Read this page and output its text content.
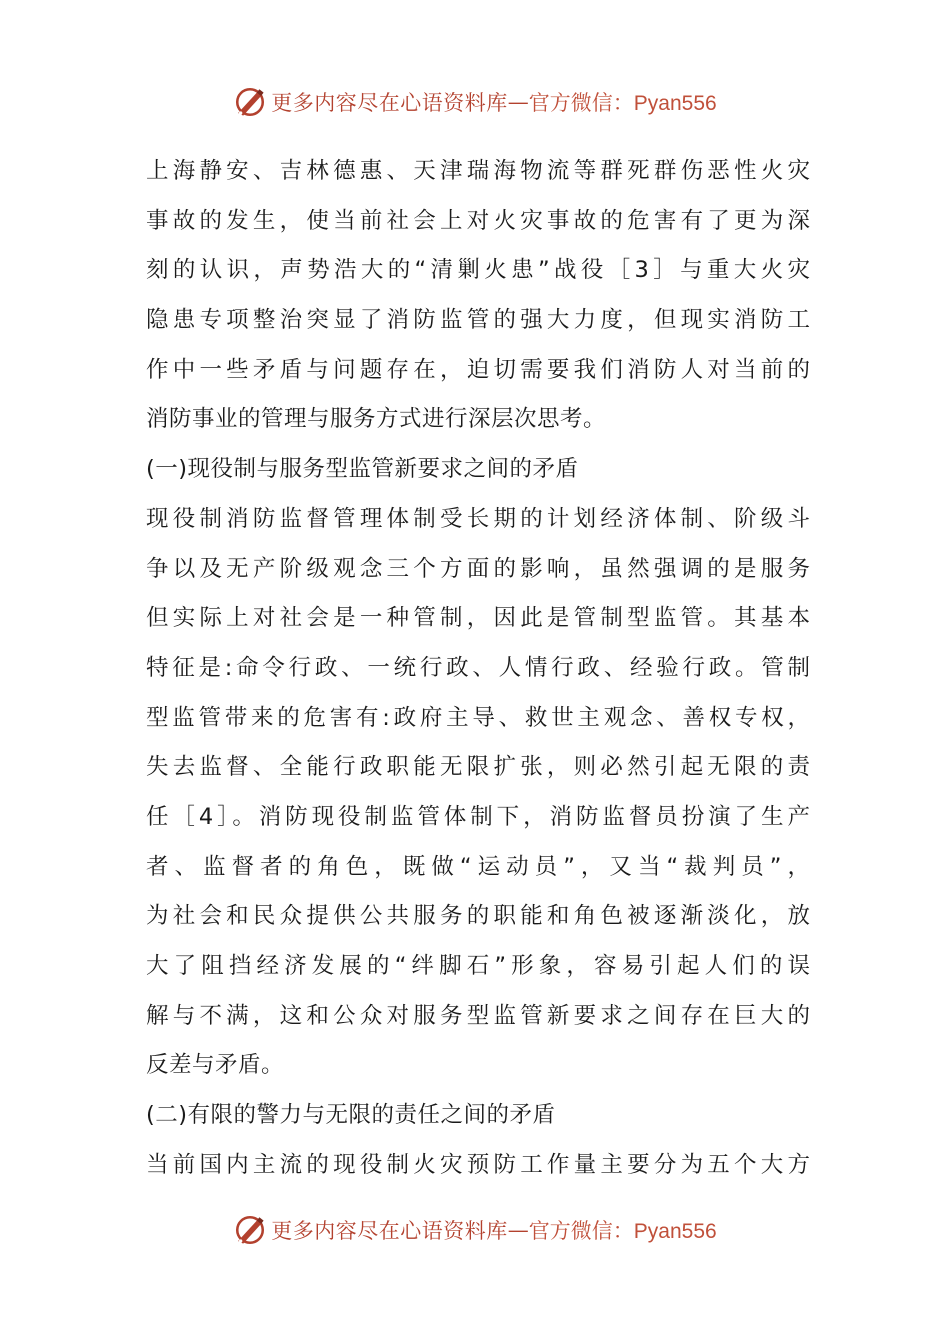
更多内容尽在心语资料库 — 官方微信：Pyan556
上海静安、吉林德惠、天津瑞海物流等群死群伤恶性火灾
事故的发生，使当前社会上对火灾事故的危害有了更为深
刻的认识，声势浩大的“清剿火患”战役［3］与重大火灾
隐患专项整治突显了消防监管的强大力度，但现实消防工
作中一些矛盾与问题存在，迫切需要我们消防人对当前的
消防事业的管理与服务方式进行深层次思考。
(一)现役制与服务型监管新要求之间的矛盾
现役制消防监督管理体制受长期的计划经济体制、阶级斗
争以及无产阶级观念三个方面的影响，虽然强调的是服务
但实际上对社会是一种管制，因此是管制型监管。其基本
特征是:命令行政、一统行政、人情行政、经验行政。管制
型监管带来的危害有:政府主导、救世主观念、善权专权，
失去监督、全能行政职能无限扩张，则必然引起无限的责
任［4］。消防现役制监管体制下，消防监督员扮演了生产
者、监督者的角色，既做“运动员”，又当“裁判员”，
为社会和民众提供公共服务的职能和角色被逐渐淡化，放
大了阻挡经济发展的“绊脚石”形象，容易引起人们的误
解与不满，这和公众对服务型监管新要求之间存在巨大的
反差与矛盾。
(二)有限的警力与无限的责任之间的矛盾
当前国内主流的现役制火灾预防工作量主要分为五个大方
更多内容尽在心语资料库 — 官方微信：Pyan556
